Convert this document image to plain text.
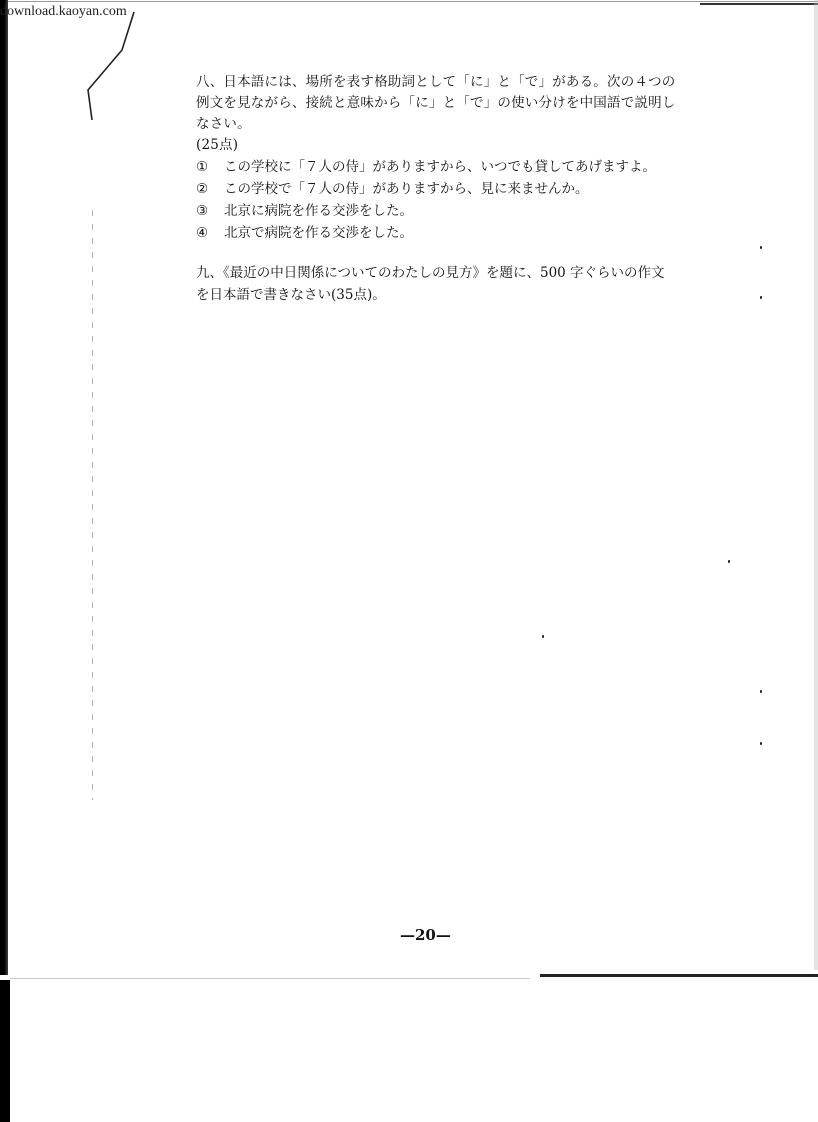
download.kaoyan.com

八、日本語には、場所を表す格助詞として「に」と「で」がある。次の４つの例文を見ながら、接続と意味から「に」と「で」の使い分けを中国語で説明しなさい。

(25点)

① この学校に「７人の侍」がありますから、いつでも貸してあげますよ。
② この学校で「７人の侍」がありますから、見に来ませんか。
③ 北京に病院を作る交渉をした。
④ 北京で病院を作る交渉をした。

九、《最近の中日関係についてのわたしの見方》を題に、500 字ぐらいの作文を日本語で書きなさい(35点)。

—20—
